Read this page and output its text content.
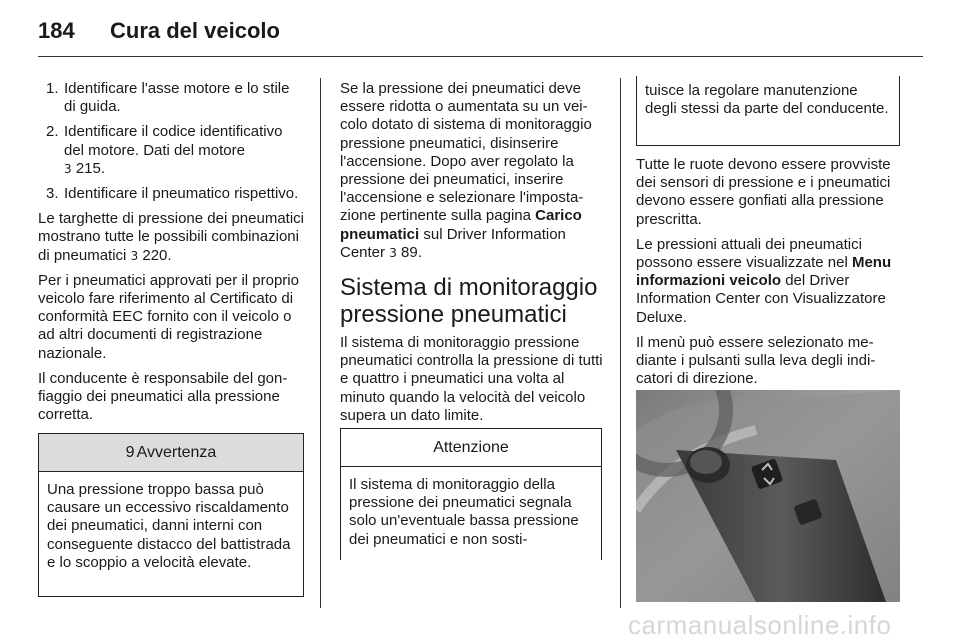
184 Cura del veicolo
1. Identificare l'asse motore e lo stile di guida.
2. Identificare il codice identificativo del motore. Dati del motore
3 215.
3. Identificare il pneumatico rispettivo.

Le targhette di pressione dei pneumatici mostrano tutte le possibili combinazioni di pneumatici 3 220.

Per i pneumatici approvati per il proprio veicolo fare riferimento al Certificato di conformità EEC fornito con il veicolo o ad altri documenti di registrazione nazionale.

Il conducente è responsabile del gonfiaggio dei pneumatici alla pressione corretta.

9 Avvertenza
Una pressione troppo bassa può causare un eccessivo riscaldamento dei pneumatici, danni interni con conseguente distacco del battistrada e lo scoppio a velocità elevate.

Se la pressione dei pneumatici deve essere ridotta o aumentata su un veicolo dotato di sistema di monitoraggio pressione pneumatici, disinserire l'accensione. Dopo aver regolato la pressione dei pneumatici, inserire l'accensione e selezionare l'impostazione pertinente sulla pagina Carico pneumatici sul Driver Information Center 3 89.

Sistema di monitoraggio pressione pneumatici

Il sistema di monitoraggio pressione pneumatici controlla la pressione di tutti e quattro i pneumatici una volta al minuto quando la velocità del veicolo supera un dato limite.

Attenzione
Il sistema di monitoraggio della pressione dei pneumatici segnala solo un'eventuale bassa pressione dei pneumatici e non sosti-
tuisce la regolare manutenzione degli stessi da parte del conducente.

Tutte le ruote devono essere provviste dei sensori di pressione e i pneumatici devono essere gonfiati alla pressione prescritta.

Le pressioni attuali dei pneumatici possono essere visualizzate nel Menu informazioni veicolo del Driver Information Center con Visualizzatore Deluxe.

Il menù può essere selezionato mediante i pulsanti sulla leva degli indicatori di direzione.

carmanualsonline.info
